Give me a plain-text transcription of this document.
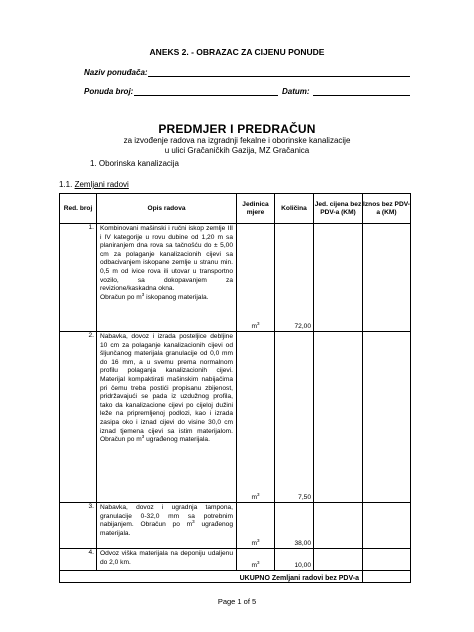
ANEKS 2. - OBRAZAC ZA CIJENU PONUDE
Naziv ponuđača:
Ponuda broj:	Datum:
PREDMJER I PREDRAČUN
za izvođenje radova na izgradnji fekalne i oborinske kanalizacije
u ulici Gračaničkih Gazija, MZ Gračanica
1. Oborinska kanalizacija
1.1. Zemljani radovi
Red. broj	Opis radova	Jedinica mjere	Količina	Jed. cijena bez PDV-a (KM)	Iznos bez PDV-a (KM)
1.	Kombinovani mašinski i ručni iskop zemlje III i IV kategorije u rovu dubine od 1,20 m sa planiranjem dna rova sa tačnošću do ± 5,00 cm za polaganje kanalizacionih cijevi sa odbacivanjem iskopane zemlje u stranu min. 0,5 m od ivice rova ili utovar u transportno vozilo, sa dokopavanjem za revizione/kaskadna okna.
Obračun po $m^3$ iskopanog materijala.	$m^3$	72,00		
2.	Nabavka, dovoz i izrada posteljice debljine 10 cm za polaganje kanalizacionih cijevi od šljunčanog materijala granulacije od 0,0 mm do 16 mm, a u svemu prema normalnom profilu polaganja kanalizacionih cijevi. Materijal kompaktirati mašinskim nabijačima pri čemu treba postići propisanu zbijenost, pridržavajući se pada iz uzdužnog profila, tako da kanalizacione cijevi po cijeloj dužini leže na pripremljenoj podlozi, kao i izrada zasipa oko i iznad cijevi do visine 30,0 cm iznad tjemena cijevi sa istim materijalom. Obračun po $m^3$ ugrađenog materijala.	$m^3$	7,50		
3.	Nabavka, dovoz i ugradnja tampona, granulacije 0-32,0 mm sa potrebnim nabijanjem. Obračun po $m^3$ ugrađenog materijala.	$m^3$	38,00		
4.	Odvoz viška materijala na deponiju udaljenu do 2,0 km.	$m^3$	10,00		
UKUPNO Zemljani radovi bez PDV-a					
Page 1 of 5
